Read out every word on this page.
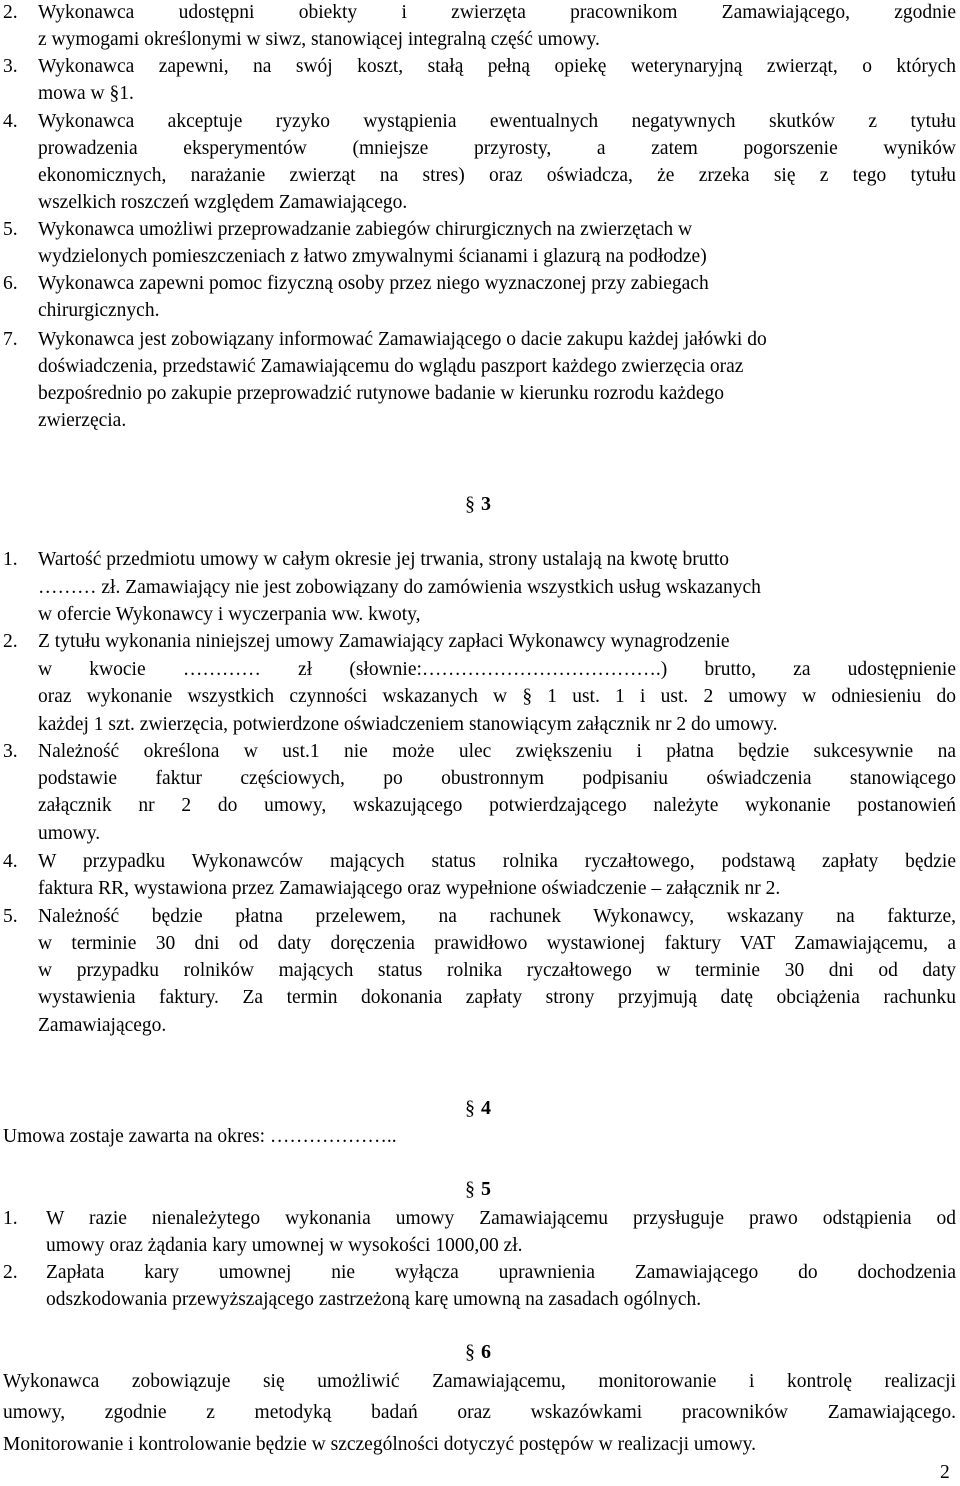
2. Wykonawca udostępni obiekty i zwierzęta pracownikom Zamawiającego, zgodnie
z wymogami określonymi w siwz, stanowiącej integralną część umowy.
3. Wykonawca zapewni, na swój koszt, stałą pełną opiekę weterynaryjną zwierząt, o których
mowa w §1.
4. Wykonawca akceptuje ryzyko wystąpienia ewentualnych negatywnych skutków z tytułu
prowadzenia eksperymentów (mniejsze przyrosty, a zatem pogorszenie wyników
ekonomicznych, narażanie zwierząt na stres) oraz oświadcza, że zrzeka się z tego tytułu
wszelkich roszczeń względem Zamawiającego.
5. Wykonawca umożliwi przeprowadzanie zabiegów chirurgicznych na zwierzętach w
wydzielonych pomieszczeniach z łatwo zmywalnymi ścianami i glazurą na podłodze)
6. Wykonawca zapewni pomoc fizyczną osoby przez niego wyznaczonej przy zabiegach
chirurgicznych.
7. Wykonawca jest zobowiązany informować Zamawiającego o dacie zakupu każdej jałówki do
doświadczenia, przedstawić Zamawiającemu do wglądu paszport każdego zwierzęcia oraz
bezpośrednio po zakupie przeprowadzić rutynowe badanie w kierunku rozrodu każdego
zwierzęcia.
§ 3
1. Wartość przedmiotu umowy w całym okresie jej trwania, strony ustalają na kwotę brutto
……… zł. Zamawiający nie jest zobowiązany do zamówienia wszystkich usług wskazanych
w ofercie Wykonawcy i wyczerpania ww. kwoty,
2. Z tytułu wykonania niniejszej umowy Zamawiający zapłaci Wykonawcy wynagrodzenie
w kwocie ………… zł (słownie:……………………………….) brutto, za udostępnienie
oraz wykonanie wszystkich czynności wskazanych w § 1 ust. 1 i ust. 2 umowy w odniesieniu do
każdej 1 szt. zwierzęcia, potwierdzone oświadczeniem stanowiącym załącznik nr 2 do umowy.
3. Należność określona w ust.1 nie może ulec zwiększeniu i płatna będzie sukcesywnie na
podstawie faktur częściowych, po obustronnym podpisaniu oświadczenia stanowiącego
załącznik nr 2 do umowy, wskazującego potwierdzającego należyte wykonanie postanowień
umowy.
4. W przypadku Wykonawców mających status rolnika ryczałtowego, podstawą zapłaty będzie
faktura RR, wystawiona przez Zamawiającego oraz wypełnione oświadczenie – załącznik nr 2.
5. Należność będzie płatna przelewem, na rachunek Wykonawcy, wskazany na fakturze,
w terminie 30 dni od daty doręczenia prawidłowo wystawionej faktury VAT Zamawiającemu, a
w przypadku rolników mających status rolnika ryczałtowego w terminie 30 dni od daty
wystawienia faktury. Za termin dokonania zapłaty strony przyjmują datę obciążenia rachunku
Zamawiającego.
§ 4
Umowa zostaje zawarta na okres: ………………..
§ 5
1. W razie nienależytego wykonania umowy Zamawiającemu przysługuje prawo odstąpienia od
umowy oraz żądania kary umownej w wysokości 1000,00 zł.
2. Zapłata kary umownej nie wyłącza uprawnienia Zamawiającego do dochodzenia
odszkodowania przewyższającego zastrzeżoną karę umowną na zasadach ogólnych.
§ 6
Wykonawca zobowiązuje się umożliwić Zamawiającemu, monitorowanie i kontrolę realizacji
umowy, zgodnie z metodyką badań oraz wskazówkami pracowników Zamawiającego.
Monitorowanie i kontrolowanie będzie w szczególności dotyczyć postępów w realizacji umowy.
2
